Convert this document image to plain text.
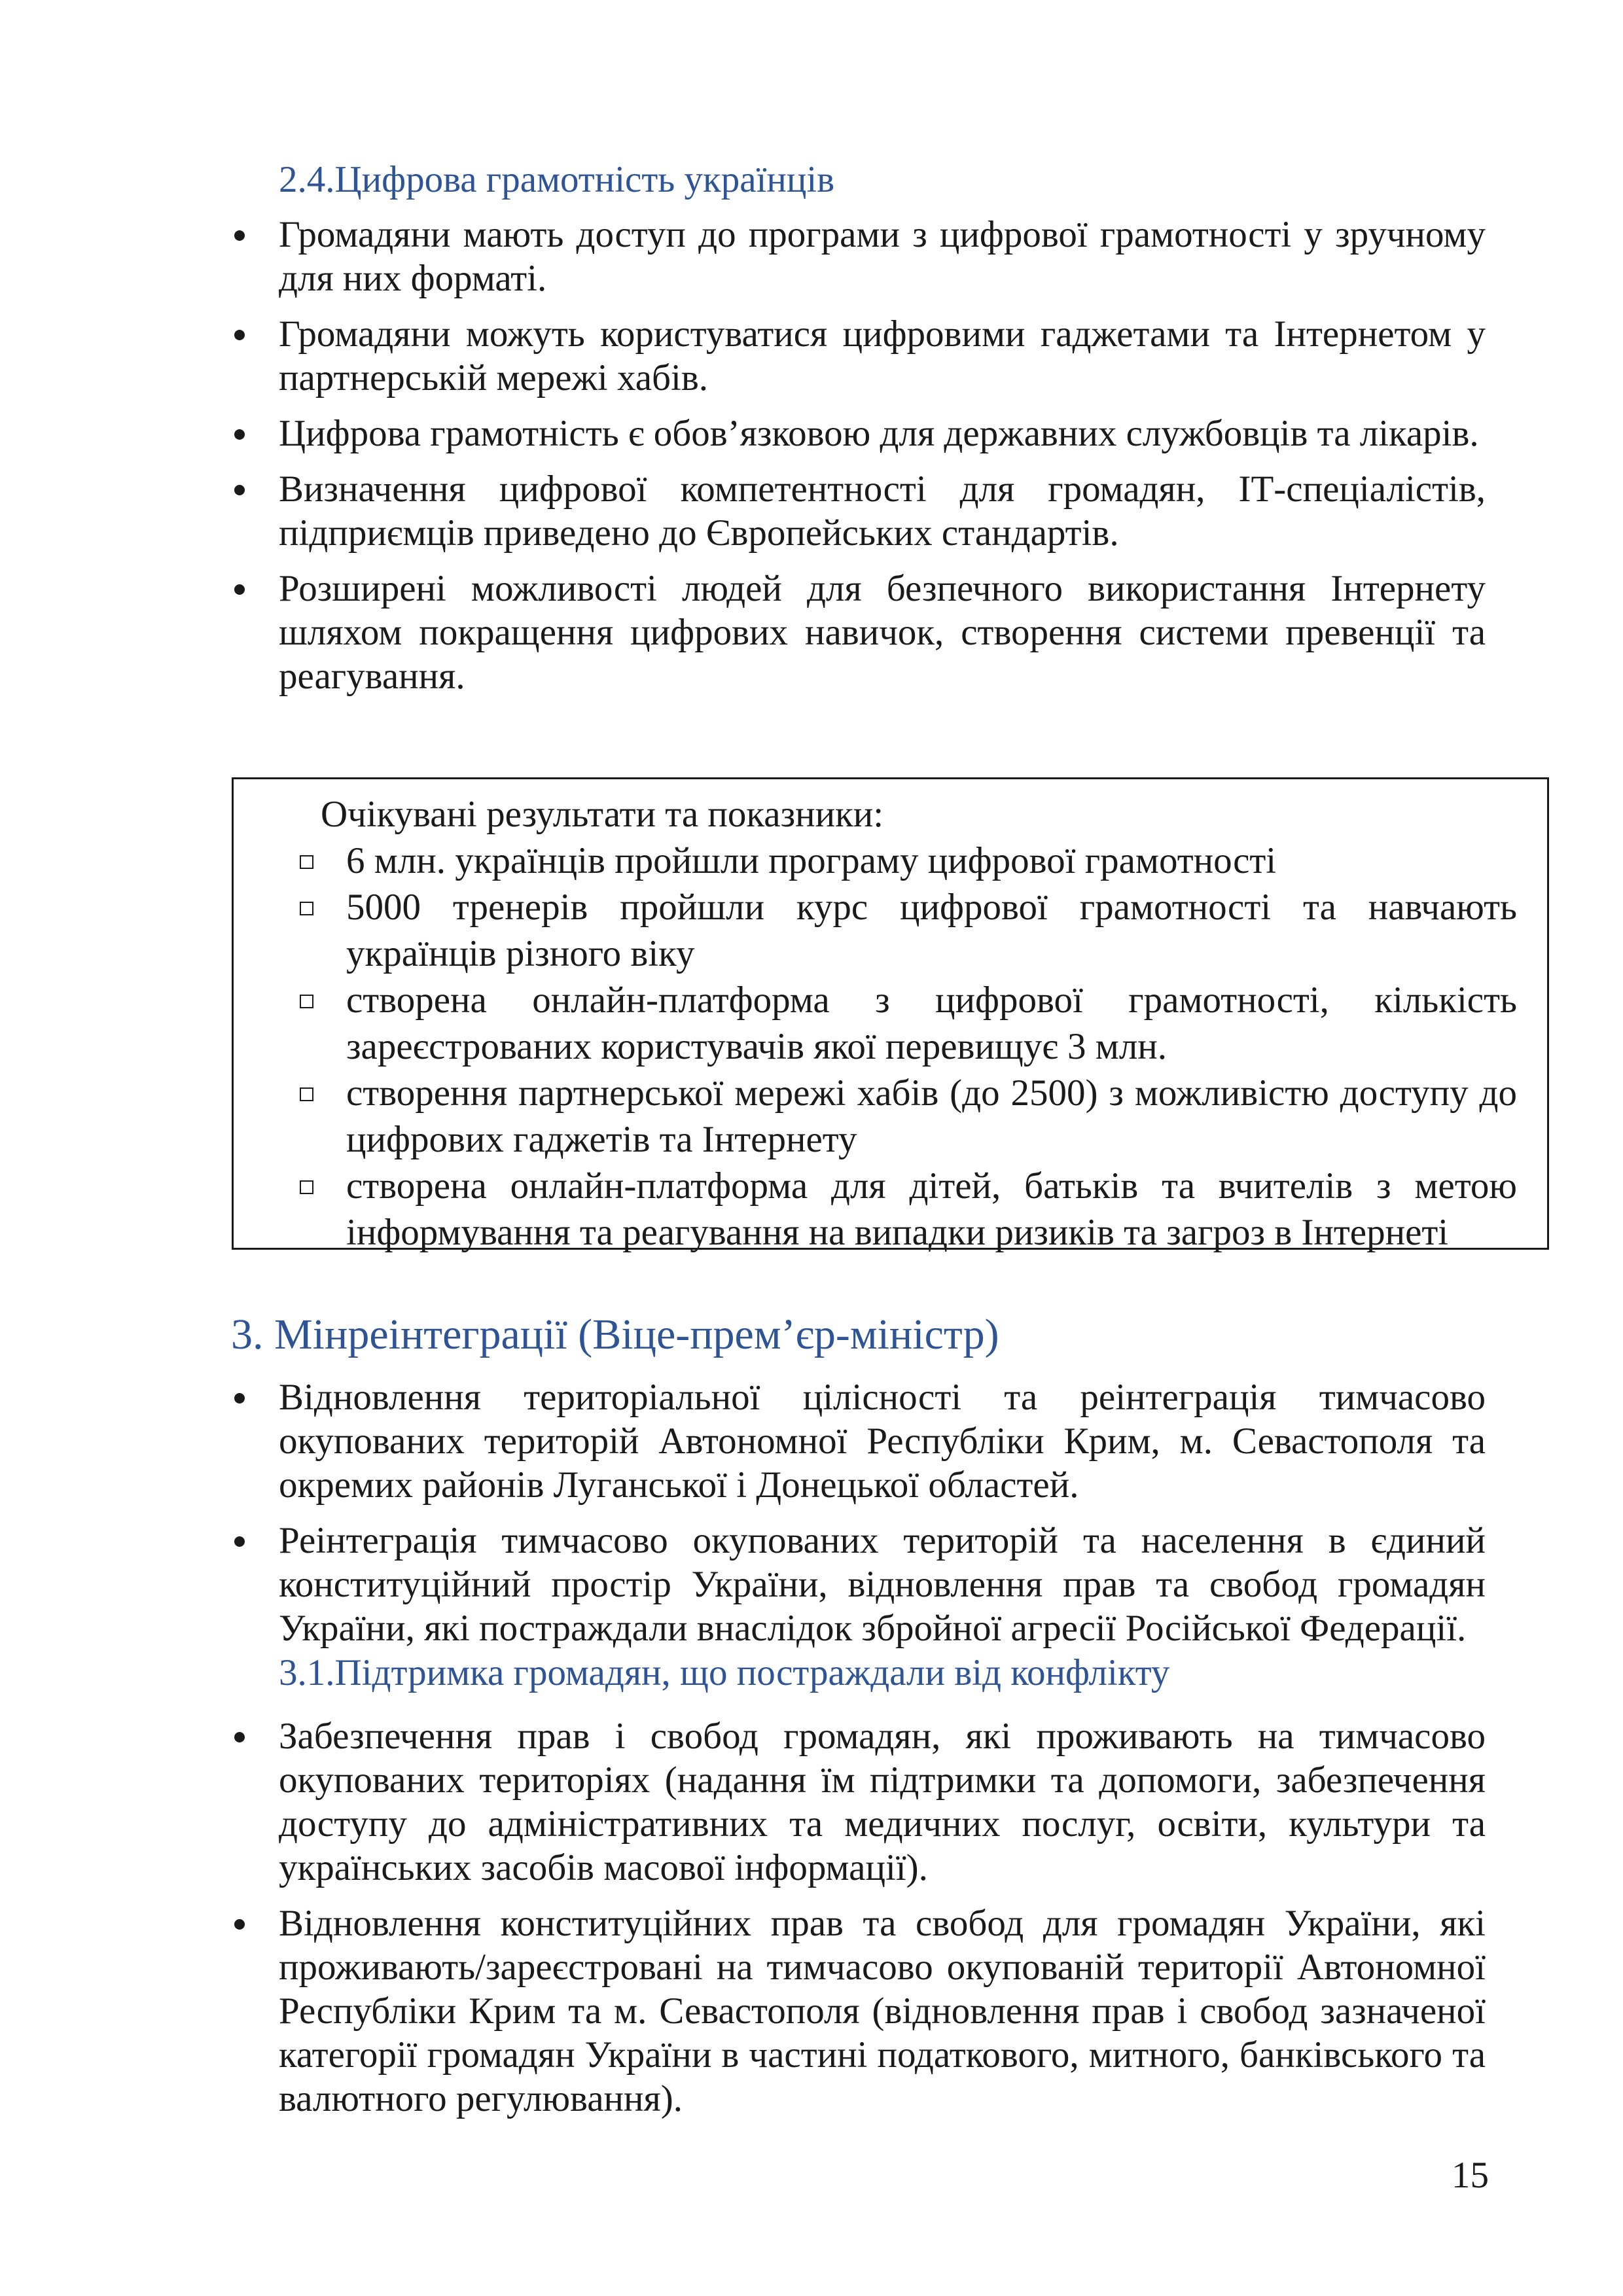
2.4.Цифрова грамотність українців
Громадяни мають доступ до програми з цифрової грамотності у зручному для них форматі.
Громадяни можуть користуватися цифровими гаджетами та Інтернетом у партнерській мережі хабів.
Цифрова грамотність є обов’язковою для державних службовців та лікарів.
Визначення цифрової компетентності для громадян, ІТ-спеціалістів, підприємців приведено до Європейських стандартів.
Розширені можливості людей для безпечного використання Інтернету шляхом покращення цифрових навичок, створення системи превенції та реагування.
Очікувані результати та показники:
6 млн. українців пройшли програму цифрової грамотності
5000 тренерів пройшли курс цифрової грамотності та навчають українців різного віку
створена онлайн-платформа з цифрової грамотності, кількість зареєстрованих користувачів якої перевищує 3 млн.
створення партнерської мережі хабів (до 2500) з можливістю доступу до цифрових гаджетів та Інтернету
створена онлайн-платформа для дітей, батьків та вчителів з метою інформування та реагування на випадки ризиків та загроз в Інтернеті
3. Мінреінтеграції (Віце-прем’єр-міністр)
Відновлення територіальної цілісності та реінтеграція тимчасово окупованих територій Автономної Республіки Крим, м. Севастополя та окремих районів Луганської і Донецької областей.
Реінтеграція тимчасово окупованих територій та населення в єдиний конституційний простір України, відновлення прав та свобод громадян України, які постраждали внаслідок збройної агресії Російської Федерації.
3.1.Підтримка громадян, що постраждали від конфлікту
Забезпечення прав і свобод громадян, які проживають на тимчасово окупованих територіях (надання їм підтримки та допомоги, забезпечення доступу до адміністративних та медичних послуг, освіти, культури та українських засобів масової інформації).
Відновлення конституційних прав та свобод для громадян України, які проживають/зареєстровані на тимчасово окупованій території Автономної Республіки Крим та м. Севастополя (відновлення прав і свобод зазначеної категорії громадян України в частині податкового, митного, банківського та валютного регулювання).
15
